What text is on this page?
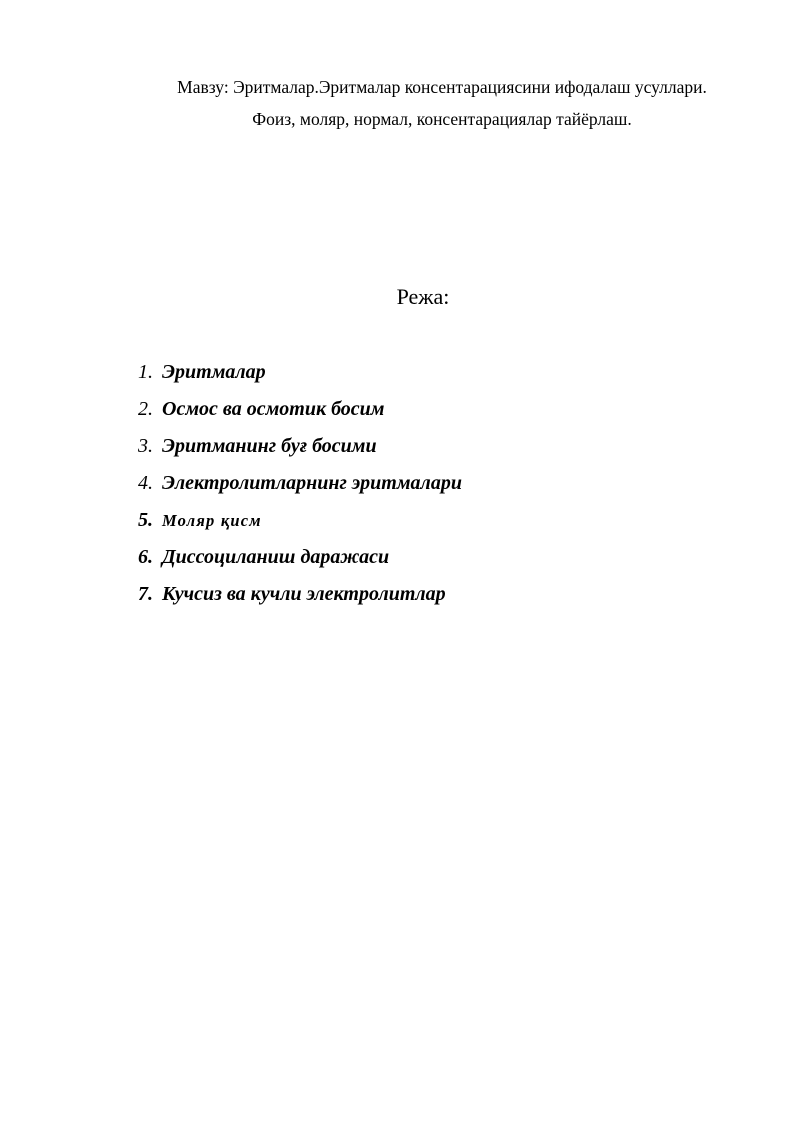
Мавзу: Эритмалар.Эритмалар консентарациясини ифодалаш усуллари.
Фоиз, моляр, нормал, консентарациялар тайёрлаш.
Режа:
1. Эритмалар
2. Осмос ва осмотик босим
3. Эритманинг буғ босими
4. Электролитларнинг эритмалари
5. Моляр қисм
6. Диссоциланиш даражаси
7. Кучсиз ва кучли электролитлар
